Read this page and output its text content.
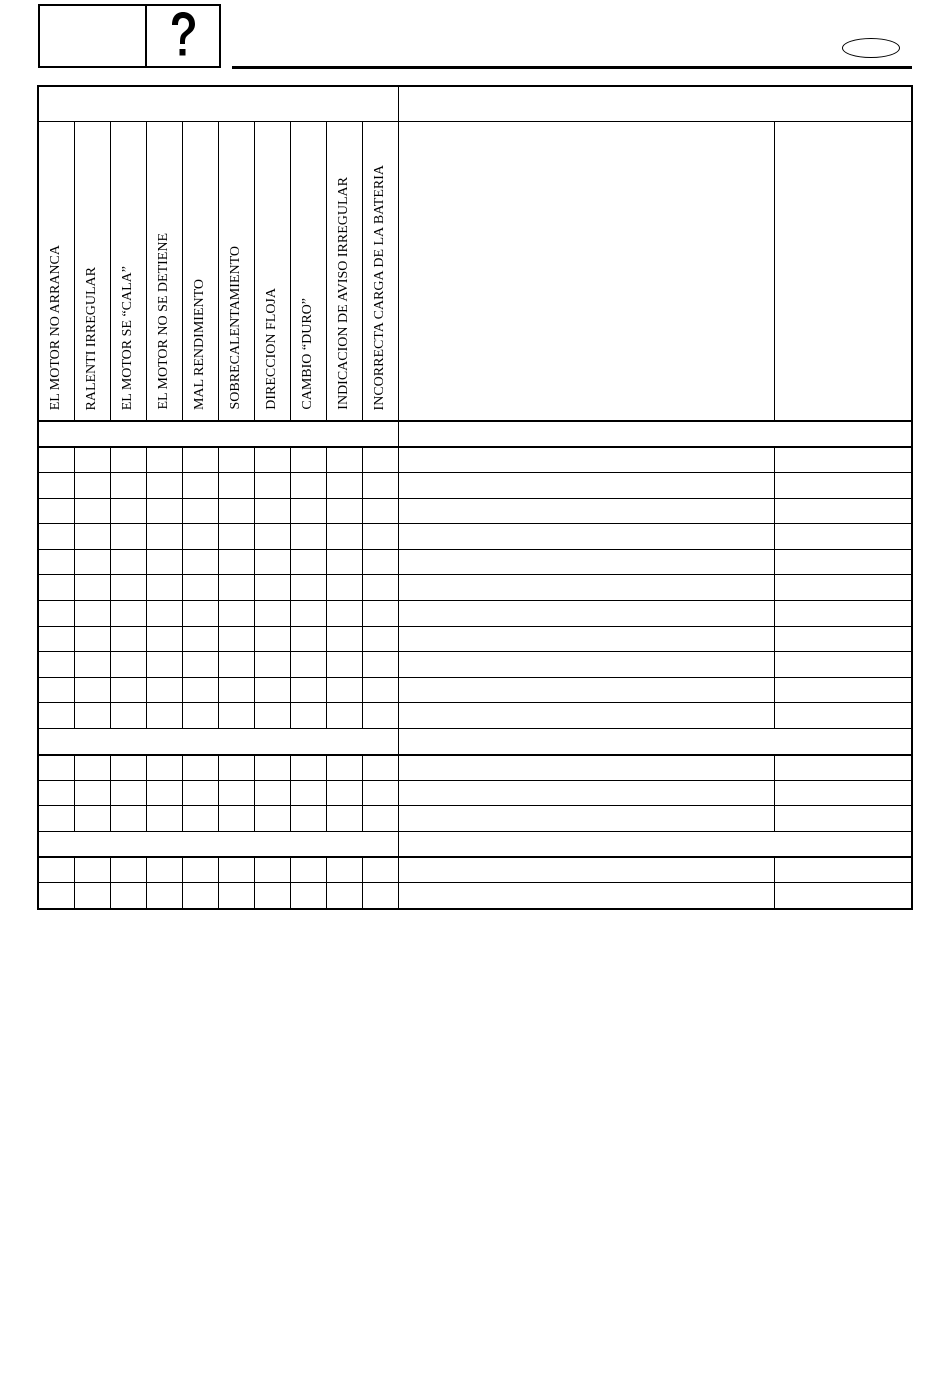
EL MOTOR NO ARRANCA	RALENTI IRREGULAR	EL MOTOR SE “CALA”	EL MOTOR NO SE DETIENE	MAL RENDIMIENTO	SOBRECALENTAMIENTO	DIRECCION FLOJA	CAMBIO “DURO”	INDICACION DE AVISO IRREGULAR	INCORRECTA CARGA DE LA BATERIA		
